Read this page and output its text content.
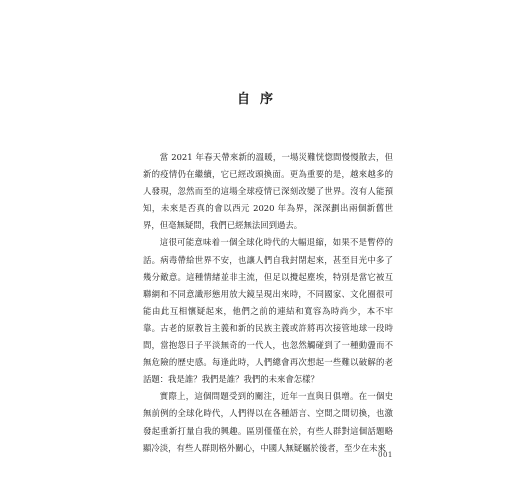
自序

當 2021 年春天帶來新的溫暖，一場災難恍惚間慢慢散去，但新的疫情仍在繼續，它已經改頭換面。更為重要的是，越來越多的人發現，忽然而至的這場全球疫情已深刻改變了世界。沒有人能預知，未來是否真的會以西元 2020 年為界，深深劃出兩個新舊世界，但毫無疑問，我們已經無法回到過去。

這很可能意味着一個全球化時代的大幅退縮，如果不是暫停的話。病毒帶給世界不安，也讓人們自我封閉起來，甚至目光中多了幾分敵意。這種情緒並非主流，但足以攪起塵埃，特別是當它被互聯網和不同意識形態用放大鏡呈現出來時，不同國家、文化圈很可能由此互相懷疑起來，他們之前的連結和寬容為時尚少，本不牢靠。古老的原教旨主義和新的民族主義或許將再次接管地球一段時間，當抱怨日子平淡無奇的一代人，也忽然觸碰到了一種動盪而不無危險的歷史感。每逢此時，人們總會再次想起一些難以破解的老話題：我是誰？我們是誰？我們的未來會怎樣？

實際上，這個問題受到的關注，近年一直與日俱增。在一個史無前例的全球化時代，人們得以在各種語言、空間之間切換，也激發起重新打量自我的興趣。區別僅僅在於，有些人群對這個話題略顯冷淡，有些人群則格外關心，中國人無疑屬於後者，至少在未來

001
